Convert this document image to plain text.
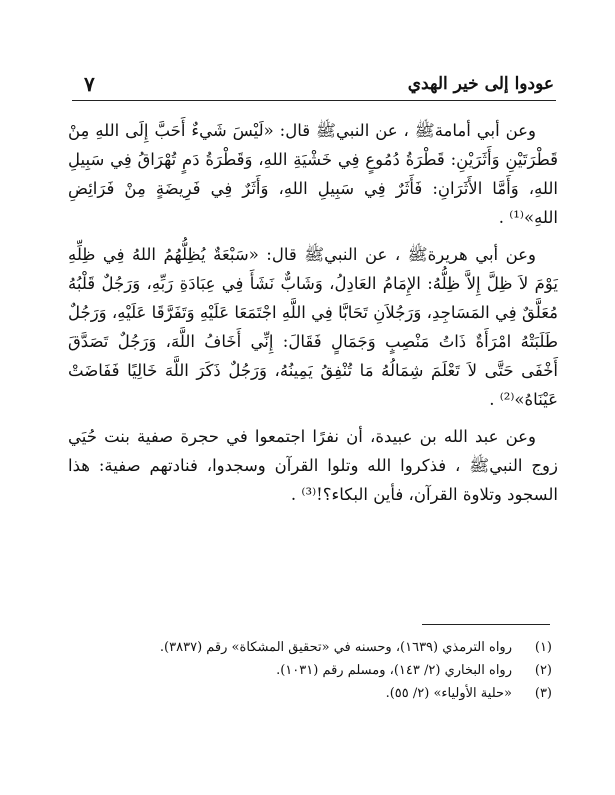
عودوا إلى خير الهدي
٧

وعن أبي أمامةﷺ ، عن النبيﷺ قال: «لَيْسَ شَيءٌ أَحَبَّ إِلَى اللهِ مِنْ قَطْرَتَيْنِ وَأَثَرَيْنِ: قَطْرَةُ دُمُوعٍ فِي خَشْيَةِ اللهِ، وَقَطْرَةُ دَمٍ تُهْرَاقُ فِي سَبِيلِ اللهِ، وَأَمَّا الأَثَرَانِ: فَأَثَرٌ فِي سَبِيلِ اللهِ، وَأَثَرٌ فِي فَرِيضَةٍ مِنْ فَرَائِضِ اللهِ»⁽¹⁾ .

وعن أبي هريرةﷺ ، عن النبيﷺ قال: «سَبْعَةٌ يُظِلُّهُمُ اللهُ فِي ظِلِّهِ يَوْمَ لاَ ظِلَّ إِلاَّ ظِلُّهُ: الإِمَامُ العَادِلُ، وَشَابٌّ نَشَأَ فِي عِبَادَةِ رَبِّهِ، وَرَجُلٌ قَلْبُهُ مُعَلَّقٌ فِي المَسَاجِدِ، وَرَجُلاَنِ تَحَابَّا فِي اللَّهِ اجْتَمَعَا عَلَيْهِ وَتَفَرَّقَا عَلَيْهِ، وَرَجُلٌ طَلَبَتْهُ امْرَأَةٌ ذَاتُ مَنْصِبٍ وَجَمَالٍ فَقَالَ: إِنِّي أَخَافُ اللَّهَ، وَرَجُلٌ تَصَدَّقَ أَخْفَى حَتَّى لاَ تَعْلَمَ شِمَالُهُ مَا تُنْفِقُ يَمِينُهُ، وَرَجُلٌ ذَكَرَ اللَّهَ خَالِيًا فَفَاضَتْ عَيْنَاهُ»⁽²⁾ .

وعن عبد الله بن عبيدة، أن نفرًا اجتمعوا في حجرة صفية بنت حُيَي زوج النبيﷺ ، فذكروا الله وتلوا القرآن وسجدوا، فنادتهم صفية: هذا السجود وتلاوة القرآن، فأين البكاء؟!⁽³⁾ .

(١)
رواه الترمذي (١٦٣٩)، وحسنه في «تحقيق المشكاة» رقم (٣٨٣٧).
(٢)
رواه البخاري (٢/ ١٤٣)، ومسلم رقم (١٠٣١).
(٣)
«حلية الأولياء» (٢/ ٥٥).
